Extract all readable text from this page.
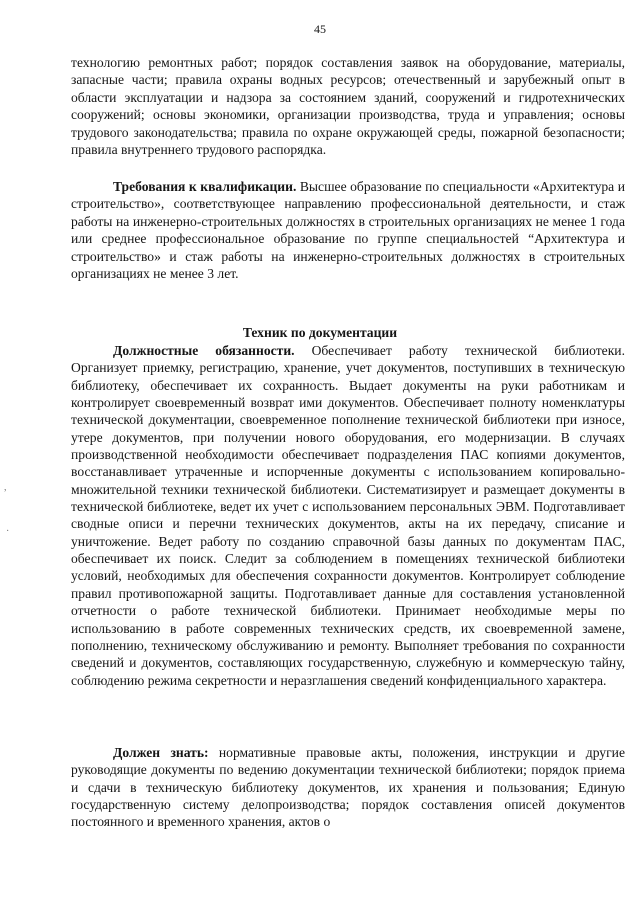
45

технологию ремонтных работ; порядок составления заявок на оборудование, материалы, запасные части; правила охраны водных ресурсов; отечественный и зарубежный опыт в области эксплуатации и надзора за состоянием зданий, сооружений и гидротехнических сооружений; основы экономики, организации производства, труда и управления; основы трудового законодательства; правила по охране окружающей среды, пожарной безопасности; правила внутреннего трудового распорядка.

Требования к квалификации. Высшее образование по специальности «Архитектура и строительство», соответствующее направлению профессиональной деятельности, и стаж работы на инженерно-строительных должностях в строительных организациях не менее 1 года или среднее профессиональное образование по группе специальностей “Архитектура и строительство» и стаж работы на инженерно-строительных должностях в строительных организациях не менее 3 лет.

Техник по документации

Должностные обязанности. Обеспечивает работу технической библиотеки. Организует приемку, регистрацию, хранение, учет документов, поступивших в техническую библиотеку, обеспечивает их сохранность. Выдает документы на руки работникам и контролирует своевременный возврат ими документов. Обеспечивает полноту номенклатуры технической документации, своевременное пополнение технической библиотеки при износе, утере документов, при получении нового оборудования, его модернизации. В случаях производственной необходимости обеспечивает подразделения ПАС копиями документов, восстанавливает утраченные и испорченные документы с использованием копировально-множительной техники технической библиотеки. Систематизирует и размещает документы в технической библиотеке, ведет их учет с использованием персональных ЭВМ. Подготавливает сводные описи и перечни технических документов, акты на их передачу, списание и уничтожение. Ведет работу по созданию справочной базы данных по документам ПАС, обеспечивает их поиск. Следит за соблюдением в помещениях технической библиотеки условий, необходимых для обеспечения сохранности документов. Контролирует соблюдение правил противопожарной защиты. Подготавливает данные для составления установленной отчетности о работе технической библиотеки. Принимает необходимые меры по использованию в работе современных технических средств, их своевременной замене, пополнению, техническому обслуживанию и ремонту. Выполняет требования по сохранности сведений и документов, составляющих государственную, служебную и коммерческую тайну, соблюдению режима секретности и неразглашения сведений конфиденциального характера.

Должен знать: нормативные правовые акты, положения, инструкции и другие руководящие документы по ведению документации технической библиотеки; порядок приема и сдачи в техническую библиотеку документов, их хранения и пользования; Единую государственную систему делопроизводства; порядок составления описей документов постоянного и временного хранения, актов о

,
·
